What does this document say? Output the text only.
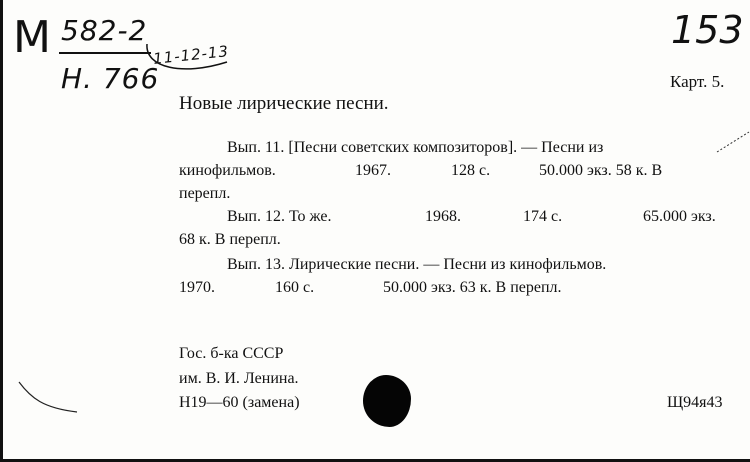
М 582-2
Н. 766
11-12-13
153
Карт. 5.
Новые лирические песни.
Вып. 11. [Песни советских композиторов]. — Песни из
кинофильмов.	1967.	128 с.	50.000 экз. 58 к. В
перепл.
Вып. 12. То же.	1968.	174 с.	65.000 экз.
68 к. В перепл.
Вып. 13. Лирические песни. — Песни из кинофильмов.
1970.	160 с.	50.000 экз. 63 к. В перепл.
Гос. б-ка СССР
им. В. И. Ленина.
Н19—60 (замена)	Щ94я43
